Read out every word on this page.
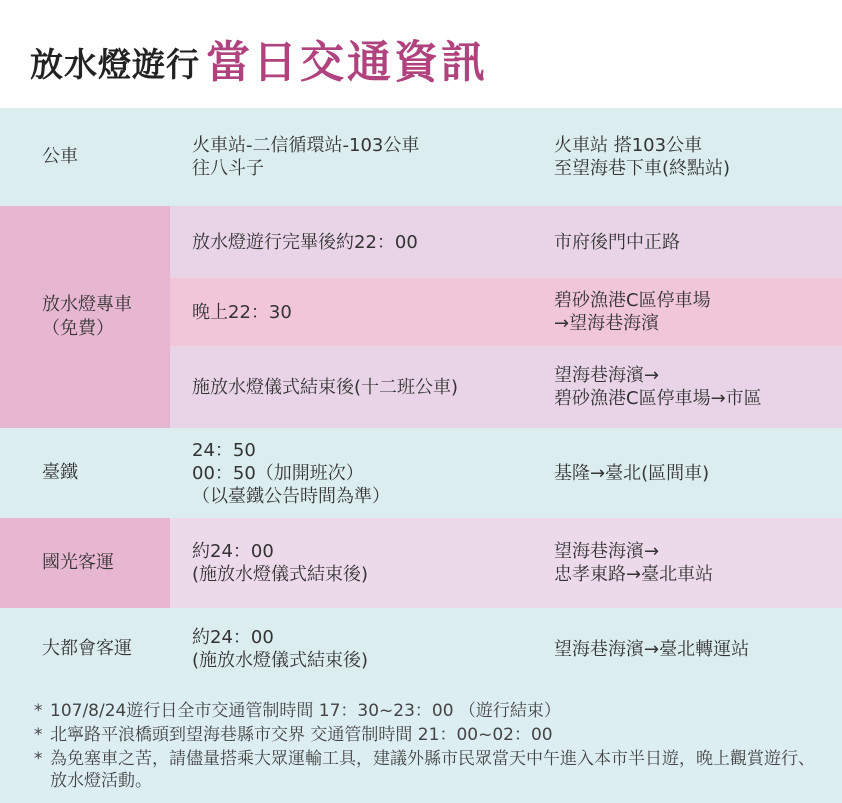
放水燈遊行 當日交通資訊
公車
火車站-二信循環站-103公車
往八斗子
火車站 搭103公車
至望海巷下車(終點站)
放水燈專車
（免費）
放水燈遊行完畢後約22：00	市府後門中正路
晚上22：30
碧砂漁港C區停車場
→望海巷海濱
施放水燈儀式結束後(十二班公車)
望海巷海濱→
碧砂漁港C區停車場→市區
臺鐵
24：50
00：50（加開班次）
（以臺鐵公告時間為準）
基隆→臺北(區間車)
國光客運
約24：00
(施放水燈儀式結束後)
望海巷海濱→
忠孝東路→臺北車站
大都會客運
約24：00
(施放水燈儀式結束後)
望海巷海濱→臺北轉運站
* 107/8/24遊行日全市交通管制時間 17：30~23：00 （遊行結束）
* 北寧路平浪橋頭到望海巷縣市交界 交通管制時間 21：00~02：00
* 為免塞車之苦，請儘量搭乘大眾運輸工具，建議外縣市民眾當天中午進入本市半日遊，晚上觀賞遊行、放水燈活動。
